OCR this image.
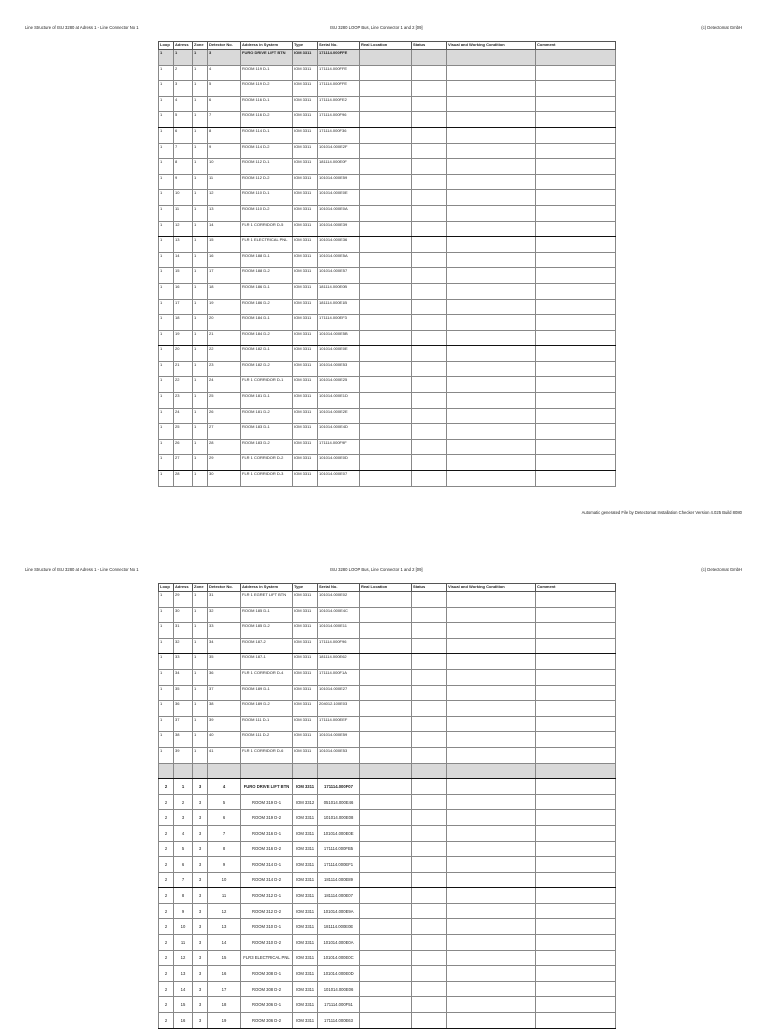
Line Structure of ISU 3280 at Adress 1 - Line Connector No 1	ISU 3280 LOOP Bus, Line Connector 1 and 2 [09]	(c) Detectomat GmbH
Loop	Adress	Zone	Detector No.	Address in System	Type	Serial No.	Real Location	Status	Visual and Working Condition	Comment
1	1	1	3	FURO DRIVE LIFT BTN	IOM 3311	171114.000FFE				
1	2	1	4	ROOM 119 D-1	IOM 3311	171114.000FFE				
1	3	1	5	ROOM 119 D-2	IOM 3311	171114.000FFE				
1	4	1	6	ROOM 116 D-1	IOM 3311	171114.000FE2				
1	5	1	7	ROOM 116 D-2	IOM 3311	171114.000F96				
1	6	1	8	ROOM 114 D-1	IOM 3311	171114.000F36				
1	7	1	9	ROOM 114 D-2	IOM 3311	101014.000E2F				
1	8	1	10	ROOM 112 D-1	IOM 3311	181114.000E0F				
1	9	1	11	ROOM 112 D-2	IOM 3311	101014.000E59				
1	10	1	12	ROOM 110 D-1	IOM 3311	101014.000E0E				
1	11	1	13	ROOM 110 D-2	IOM 3311	101014.000E0A				
1	12	1	14	FLR 1 CORRIDOR D-5	IOM 3311	101014.000E39				
1	13	1	15	FLR 1 ELECTRICAL PNL	IOM 3311	101014.000E36				
1	14	1	16	ROOM 188 D-1	IOM 3311	101014.000E5A				
1	15	1	17	ROOM 188 D-2	IOM 3311	101014.000E57				
1	16	1	18	ROOM 186 D-1	IOM 3311	181114.000E0B				
1	17	1	19	ROOM 186 D-2	IOM 3311	181114.000E1B				
1	18	1	20	ROOM 184 D-1	IOM 3311	171114.000EF3				
1	19	1	21	ROOM 184 D-2	IOM 3311	101014.000E5B				
1	20	1	22	ROOM 182 D-1	IOM 3311	101014.000E0E				
1	21	1	23	ROOM 182 D-2	IOM 3311	101014.000E53				
1	22	1	24	FLR 1 CORRIDOR D-1	IOM 3311	101014.000E25				
1	23	1	25	ROOM 181 D-1	IOM 3311	101014.000E1D				
1	24	1	26	ROOM 181 D-2	IOM 3311	101014.000E2E				
1	25	1	27	ROOM 183 D-1	IOM 3311	101014.000E4D				
1	26	1	28	ROOM 183 D-2	IOM 3311	171114.000F9F				
1	27	1	29	FLR 1 CORRIDOR D-2	IOM 3311	101014.000E0D				
1	28	1	30	FLR 1 CORRIDOR D-3	IOM 3311	101014.000E07				
Automatic generated File by Detectomat Installation Checker Version 4.025 Build 8080
Line Structure of ISU 3280 at Adress 1 - Line Connector No 1	ISU 3280 LOOP Bus, Line Connector 1 and 2 [09]	(c) Detectomat GmbH
Loop	Adress	Zone	Detector No.	Address in System	Type	Serial No.	Real Location	Status	Visual and Working Condition	Comment
1	29	1	31	FLR 1 EGRET LIFT BTN	IOM 3311	101014.000E02				
1	30	1	32	ROOM 185 D-1	IOM 3311	101014.000E4C				
1	31	1	33	ROOM 185 D-2	IOM 3311	101014.000E11				
1	32	1	34	ROOM 187-2	IOM 3311	171114.000F96				
1	33	1	35	ROOM 187-1	IOM 3311	181114.000E62				
1	34	1	36	FLR 1 CORRIDOR D-4	IOM 3311	171114.000F1A				
1	35	1	37	ROOM 189 D-1	IOM 3311	101014.000E27				
1	36	1	38	ROOM 189 D-2	IOM 3311	204012.100E03				
1	37	1	39	ROOM 111 D-1	IOM 3311	171114.000EEF				
1	38	1	40	ROOM 111 D-2	IOM 3311	101014.000E59				
1	39	1	41	FLR 1 CORRIDOR D-6	IOM 3311	101014.000E53				

2	1	3	4	FURO DRIVE LIFT BTN	IOM 3311	171114.000F07				
2	2	3	5	ROOM 319 D-1	IOM 3312	051014.000E46				
2	3	3	6	ROOM 319 D-2	IOM 3311	101014.000E08				
2	4	3	7	ROOM 316 D-1	IOM 3311	101014.000E0E				
2	5	3	8	ROOM 316 D-2	IOM 3311	171114.000FB5				
2	6	3	9	ROOM 314 D-1	IOM 3311	171114.000EF1				
2	7	3	10	ROOM 314 D-2	IOM 3311	181114.000E89				
2	8	3	11	ROOM 312 D-1	IOM 3311	181114.000E07				
2	9	3	12	ROOM 312 D-2	IOM 3311	101014.000E9A				
2	10	3	13	ROOM 310 D-1	IOM 3311	181114.000E0E				
2	11	3	14	ROOM 310 D-2	IOM 3311	101014.000E0A				
2	12	3	15	FLR3 ELECTRICAL PNL	IOM 3311	101014.000E0C				
2	13	3	16	ROOM 308 D-1	IOM 3311	101014.000E0D				
2	14	3	17	ROOM 308 D-2	IOM 3311	101014.000E06				
2	15	3	18	ROOM 306 D-1	IOM 3311	171114.000F51				
2	16	3	19	ROOM 306 D-2	IOM 3311	171114.000E63				
